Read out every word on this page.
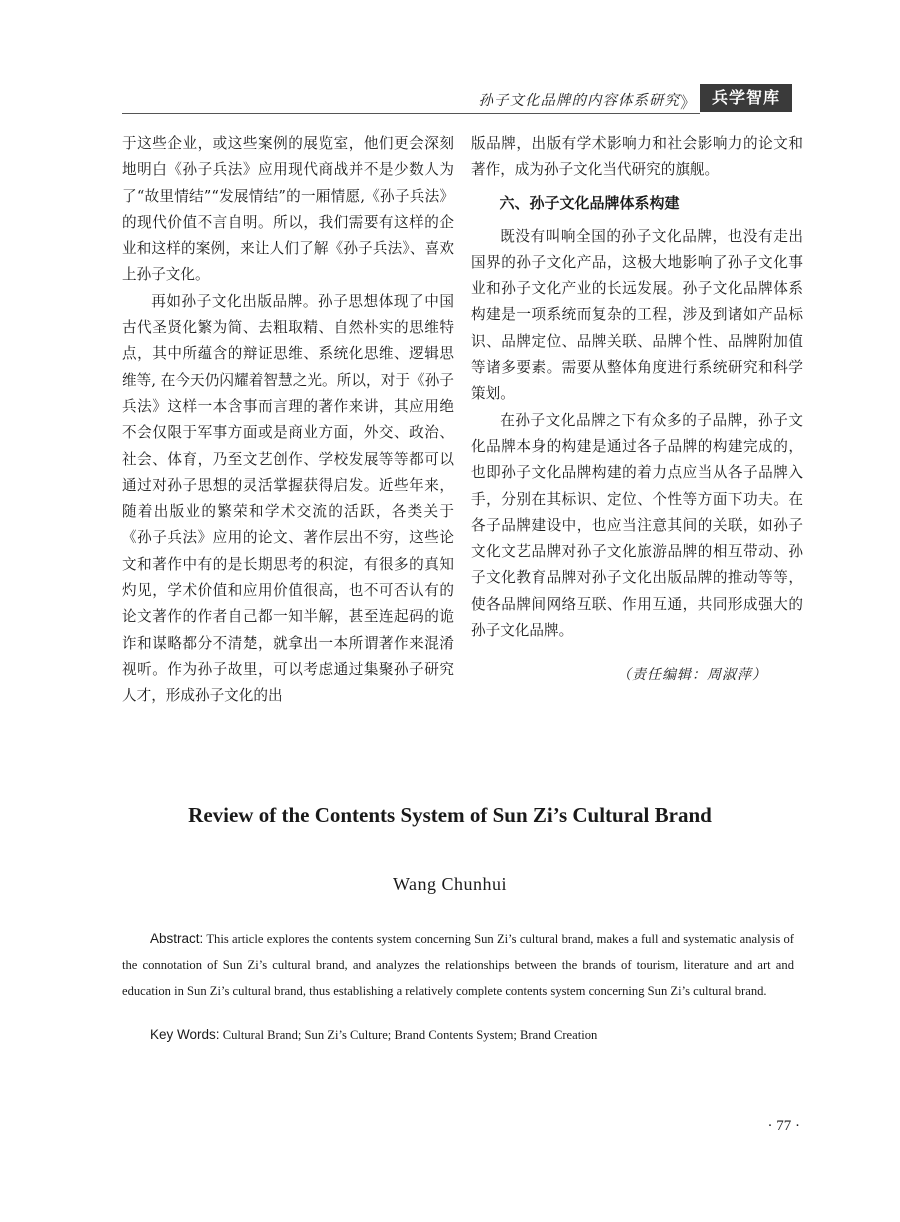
孙子文化品牌的内容体系研究 》 兵学智库

于这些企业，或这些案例的展览室，他们更会深刻地明白《孙子兵法》应用现代商战并不是少数人为了“故里情结”“发展情结”的一厢情愿,《孙子兵法》的现代价值不言自明。所以，我们需要有这样的企业和这样的案例，来让人们了解《孙子兵法》、喜欢上孙子文化。

再如孙子文化出版品牌。孙子思想体现了中国古代圣贤化繁为简、去粗取精、自然朴实的思维特点，其中所蕴含的辩证思维、系统化思维、逻辑思维等, 在今天仍闪耀着智慧之光。所以，对于《孙子兵法》这样一本含事而言理的著作来讲，其应用绝不会仅限于军事方面或是商业方面，外交、政治、社会、体育，乃至文艺创作、学校发展等等都可以通过对孙子思想的灵活掌握获得启发。近些年来，随着出版业的繁荣和学术交流的活跃，各类关于《孙子兵法》应用的论文、著作层出不穷，这些论文和著作中有的是长期思考的积淀，有很多的真知灼见，学术价值和应用价值很高，也不可否认有的论文著作的作者自己都一知半解，甚至连起码的诡诈和谋略都分不清楚，就拿出一本所谓著作来混淆视听。作为孙子故里，可以考虑通过集聚孙子研究人才，形成孙子文化的出

版品牌，出版有学术影响力和社会影响力的论文和著作，成为孙子文化当代研究的旗舰。

六、孙子文化品牌体系构建

既没有叫响全国的孙子文化品牌，也没有走出国界的孙子文化产品，这极大地影响了孙子文化事业和孙子文化产业的长远发展。孙子文化品牌体系构建是一项系统而复杂的工程，涉及到诸如产品标识、品牌定位、品牌关联、品牌个性、品牌附加值等诸多要素。需要从整体角度进行系统研究和科学策划。

在孙子文化品牌之下有众多的子品牌，孙子文化品牌本身的构建是通过各子品牌的构建完成的，也即孙子文化品牌构建的着力点应当从各子品牌入手，分别在其标识、定位、个性等方面下功夫。在各子品牌建设中，也应当注意其间的关联，如孙子文化文艺品牌对孙子文化旅游品牌的相互带动、孙子文化教育品牌对孙子文化出版品牌的推动等等，使各品牌间网络互联、作用互通，共同形成强大的孙子文化品牌。

（责任编辑：周淑萍）
Review of the Contents System of Sun Zi’s Cultural Brand
Wang Chunhui

Abstract: This article explores the contents system concerning Sun Zi’s cultural brand, makes a full and systematic analysis of the connotation of Sun Zi’s cultural brand, and analyzes the relationships between the brands of tourism, literature and art and education in Sun Zi’s cultural brand, thus establishing a relatively complete contents system concerning Sun Zi’s cultural brand.

Key Words: Cultural Brand; Sun Zi’s Culture; Brand Contents System; Brand Creation
· 77 ·
